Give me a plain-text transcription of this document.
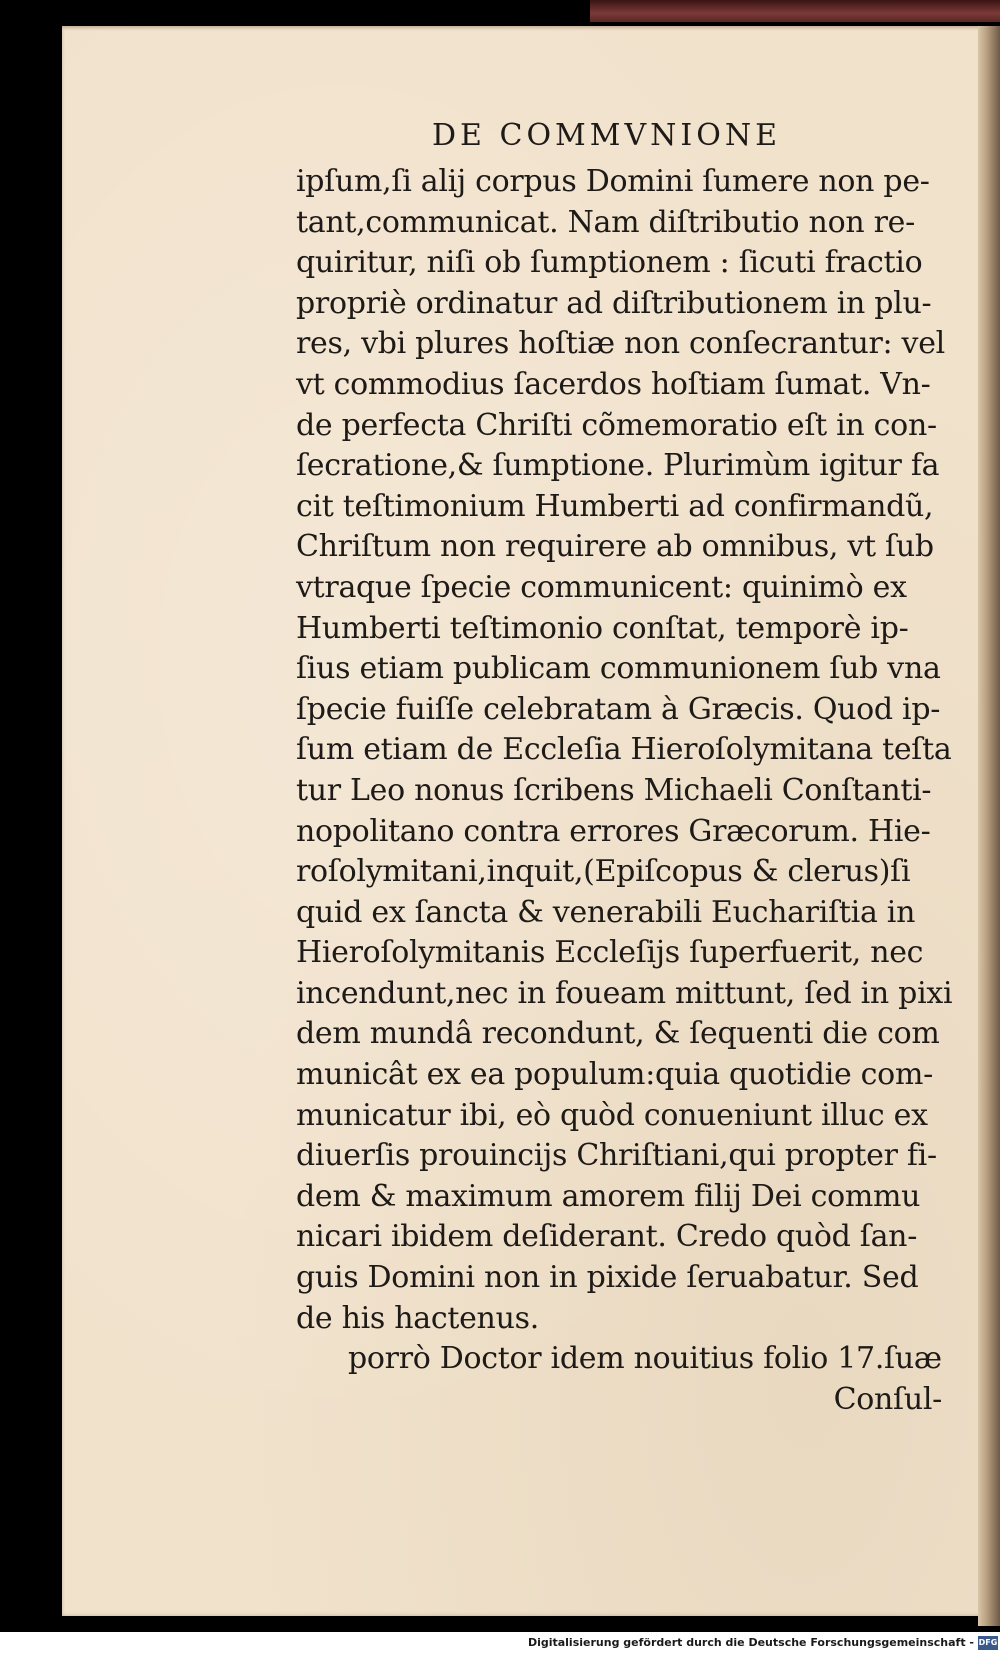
DE COMMVNIONE
ipſum,ſi alij corpus Domini ſumere non pe-
tant,communicat. Nam diſtributio non re-
quiritur, niſi ob ſumptionem : ſicuti fractio
propriè ordinatur ad diſtributionem in plu-
res, vbi plures hoſtiæ non conſecrantur: vel
vt commodius ſacerdos hoſtiam ſumat. Vn-
de perfecta Chriſti cõmemoratio eſt in con-
ſecratione,& ſumptione. Plurimùm igitur fa
cit teſtimonium Humberti ad confirmandũ,
Chriſtum non requirere ab omnibus, vt ſub
vtraque ſpecie communicent: quinimò ex
Humberti teſtimonio conſtat, temporè ip-
ſius etiam publicam communionem ſub vna
ſpecie fuiſſe celebratam à Græcis. Quod ip-
ſum etiam de Eccleſia Hieroſolymitana teſta
tur Leo nonus ſcribens Michaeli Conſtanti-
nopolitano contra errores Græcorum. Hie-
roſolymitani,inquit,(Epiſcopus & clerus)ſi
quid ex ſancta & venerabili Euchariſtia in
Hieroſolymitanis Eccleſijs ſuperfuerit, nec
incendunt,nec in foueam mittunt, ſed in pixi
dem mundâ recondunt, & ſequenti die com
municât ex ea populum:quia quotidie com-
municatur ibi, eò quòd conueniunt illuc ex
diuerſis prouincijs Chriſtiani,qui propter fi-
dem & maximum amorem filij Dei commu
nicari ibidem deſiderant. Credo quòd ſan-
guis Domini non in pixide ſeruabatur. Sed
de his hactenus.
porrò Doctor idem nouitius folio 17.ſuæ
Conſul-

Digitalisierung gefördert durch die Deutsche Forschungsgemeinschaft - DFG
